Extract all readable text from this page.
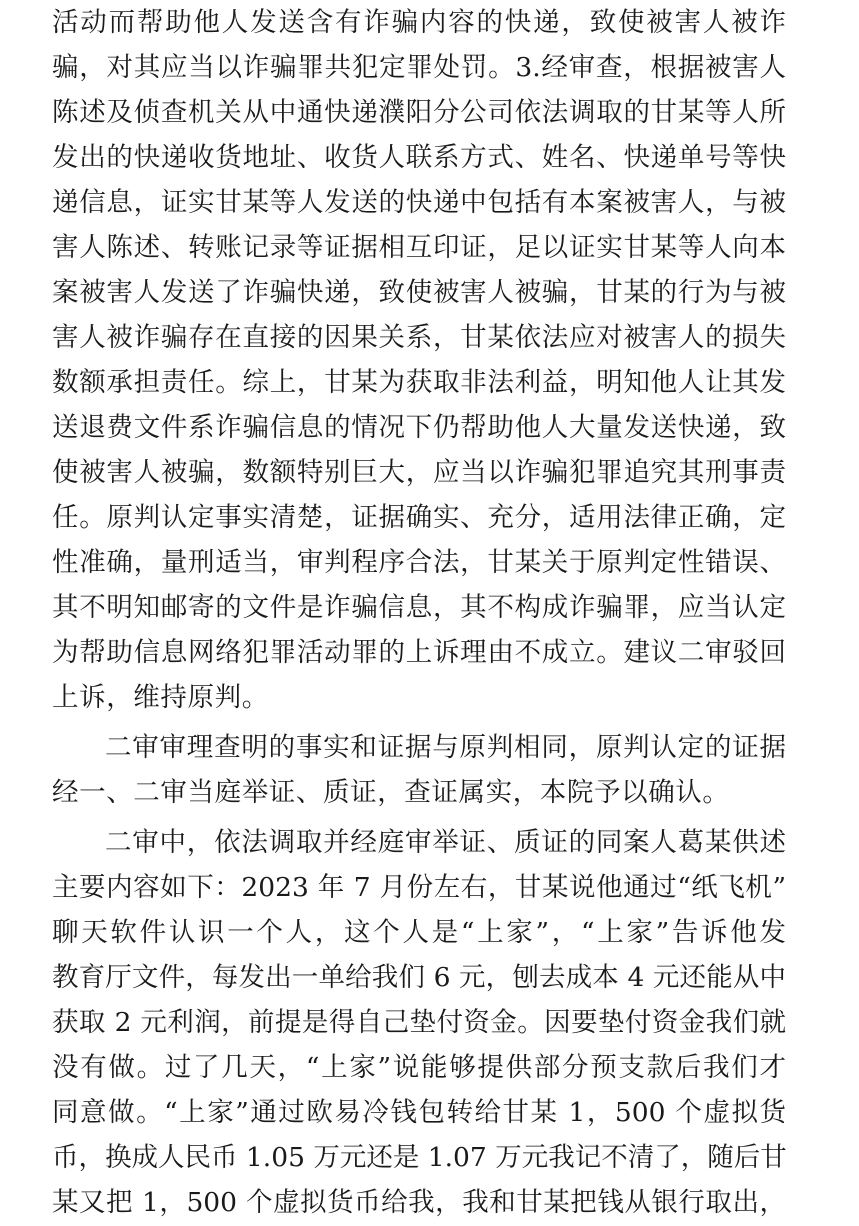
活动而帮助他人发送含有诈骗内容的快递，致使被害人被诈
骗，对其应当以诈骗罪共犯定罪处罚。3.经审查，根据被害人
陈述及侦查机关从中通快递濮阳分公司依法调取的甘某等人所
发出的快递收货地址、收货人联系方式、姓名、快递单号等快
递信息，证实甘某等人发送的快递中包括有本案被害人，与被
害人陈述、转账记录等证据相互印证，足以证实甘某等人向本
案被害人发送了诈骗快递，致使被害人被骗，甘某的行为与被
害人被诈骗存在直接的因果关系，甘某依法应对被害人的损失
数额承担责任。综上，甘某为获取非法利益，明知他人让其发
送退费文件系诈骗信息的情况下仍帮助他人大量发送快递，致
使被害人被骗，数额特别巨大，应当以诈骗犯罪追究其刑事责
任。原判认定事实清楚，证据确实、充分，适用法律正确，定
性准确，量刑适当，审判程序合法，甘某关于原判定性错误、
其不明知邮寄的文件是诈骗信息，其不构成诈骗罪，应当认定
为帮助信息网络犯罪活动罪的上诉理由不成立。建议二审驳回
上诉，维持原判。
二审审理查明的事实和证据与原判相同，原判认定的证据
经一、二审当庭举证、质证，查证属实，本院予以确认。
二审中，依法调取并经庭审举证、质证的同案人葛某供述
主要内容如下：2023 年 7 月份左右，甘某说他通过“纸飞机”
聊天软件认识一个人，这个人是“上家”，“上家”告诉他发
教育厅文件，每发出一单给我们 6 元，刨去成本 4 元还能从中
获取 2 元利润，前提是得自己垫付资金。因要垫付资金我们就
没有做。过了几天，“上家”说能够提供部分预支款后我们才
同意做。“上家”通过欧易冷钱包转给甘某 1，500 个虚拟货
币，换成人民币 1.05 万元还是 1.07 万元我记不清了，随后甘
某又把 1，500 个虚拟货币给我，我和甘某把钱从银行取出，
